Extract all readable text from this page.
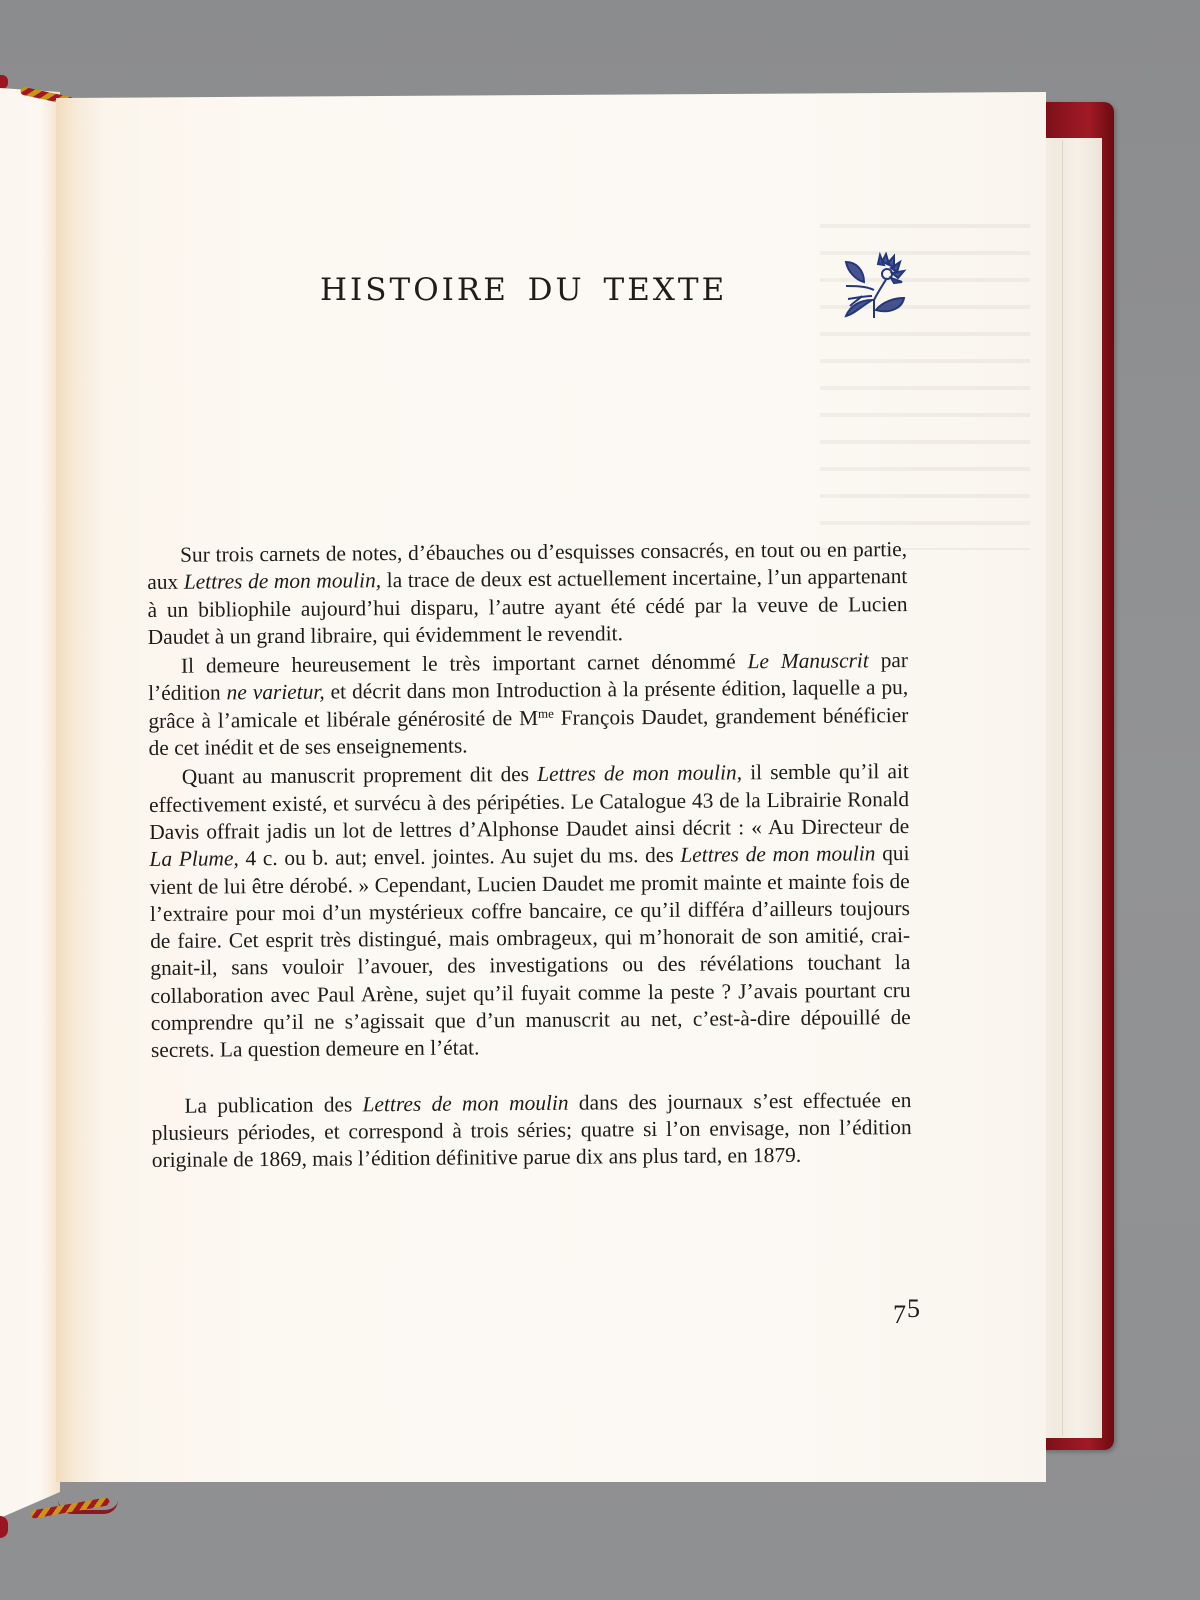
HISTOIRE DU TEXTE

Sur trois carnets de notes, d’ébauches ou d’esquisses consacrés, en tout ou en partie, aux Lettres de mon moulin, la trace de deux est actuellement incertaine, l’un appartenant à un bibliophile aujourd’hui disparu, l’autre ayant été cédé par la veuve de Lucien Daudet à un grand libraire, qui évidemment le revendit.

Il demeure heureusement le très important carnet dénommé Le Manuscrit par l’édition ne varietur, et décrit dans mon Introduction à la présente édition, laquelle a pu, grâce à l’amicale et libérale générosité de $M^{me}$ François Daudet, grandement bénéficier de cet inédit et de ses enseignements.

Quant au manuscrit proprement dit des Lettres de mon moulin, il semble qu’il ait effectivement existé, et survécu à des péripéties. Le Catalogue 43 de la Librairie Ronald Davis offrait jadis un lot de lettres d’Alphonse Daudet ainsi décrit : « Au Directeur de La Plume, 4 c. ou b. aut; envel. jointes. Au sujet du ms. des Lettres de mon moulin qui vient de lui être dérobé. » Cependant, Lucien Daudet me promit mainte et mainte fois de l’extraire pour moi d’un mystérieux coffre bancaire, ce qu’il différa d’ailleurs toujours de faire. Cet esprit très distingué, mais ombrageux, qui m’honorait de son amitié, crai-gnait-il, sans vouloir l’avouer, des investigations ou des révélations touchant la collaboration avec Paul Arène, sujet qu’il fuyait comme la peste ? J’avais pourtant cru comprendre qu’il ne s’agissait que d’un manuscrit au net, c’est-à-dire dépouillé de secrets. La question demeure en l’état.

La publication des Lettres de mon moulin dans des journaux s’est effectuée en plusieurs périodes, et correspond à trois séries; quatre si l’on envisage, non l’édition originale de 1869, mais l’édition définitive parue dix ans plus tard, en 1879.

75
